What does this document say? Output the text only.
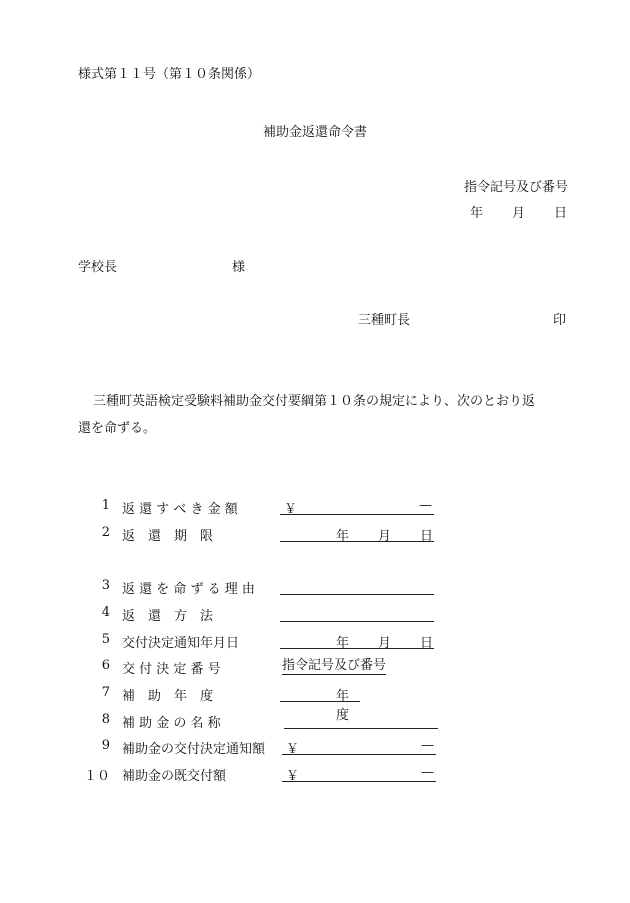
様式第１１号（第１０条関係）
補助金返還命令書
指令記号及び番号
年 月 日
学校長	様
三種町長	印
三種町英語検定受験料補助金交付要綱第１０条の規定により、次のとおり返
還を命ずる。
1 返 還 す べ き 金 額	￥	—
2 返　還　期　限	年 月 日
3 返 還 を 命 ず る 理 由
4 返　還　方　法
5 交付決定通知年月日	年 月 日
6 交 付 決 定 番 号	指令記号及び番号
7 補　助　年　度	年度
8 補 助 金 の 名 称
9 補助金の交付決定通知額 ￥	—
１０ 補助金の既交付額	￥	—
